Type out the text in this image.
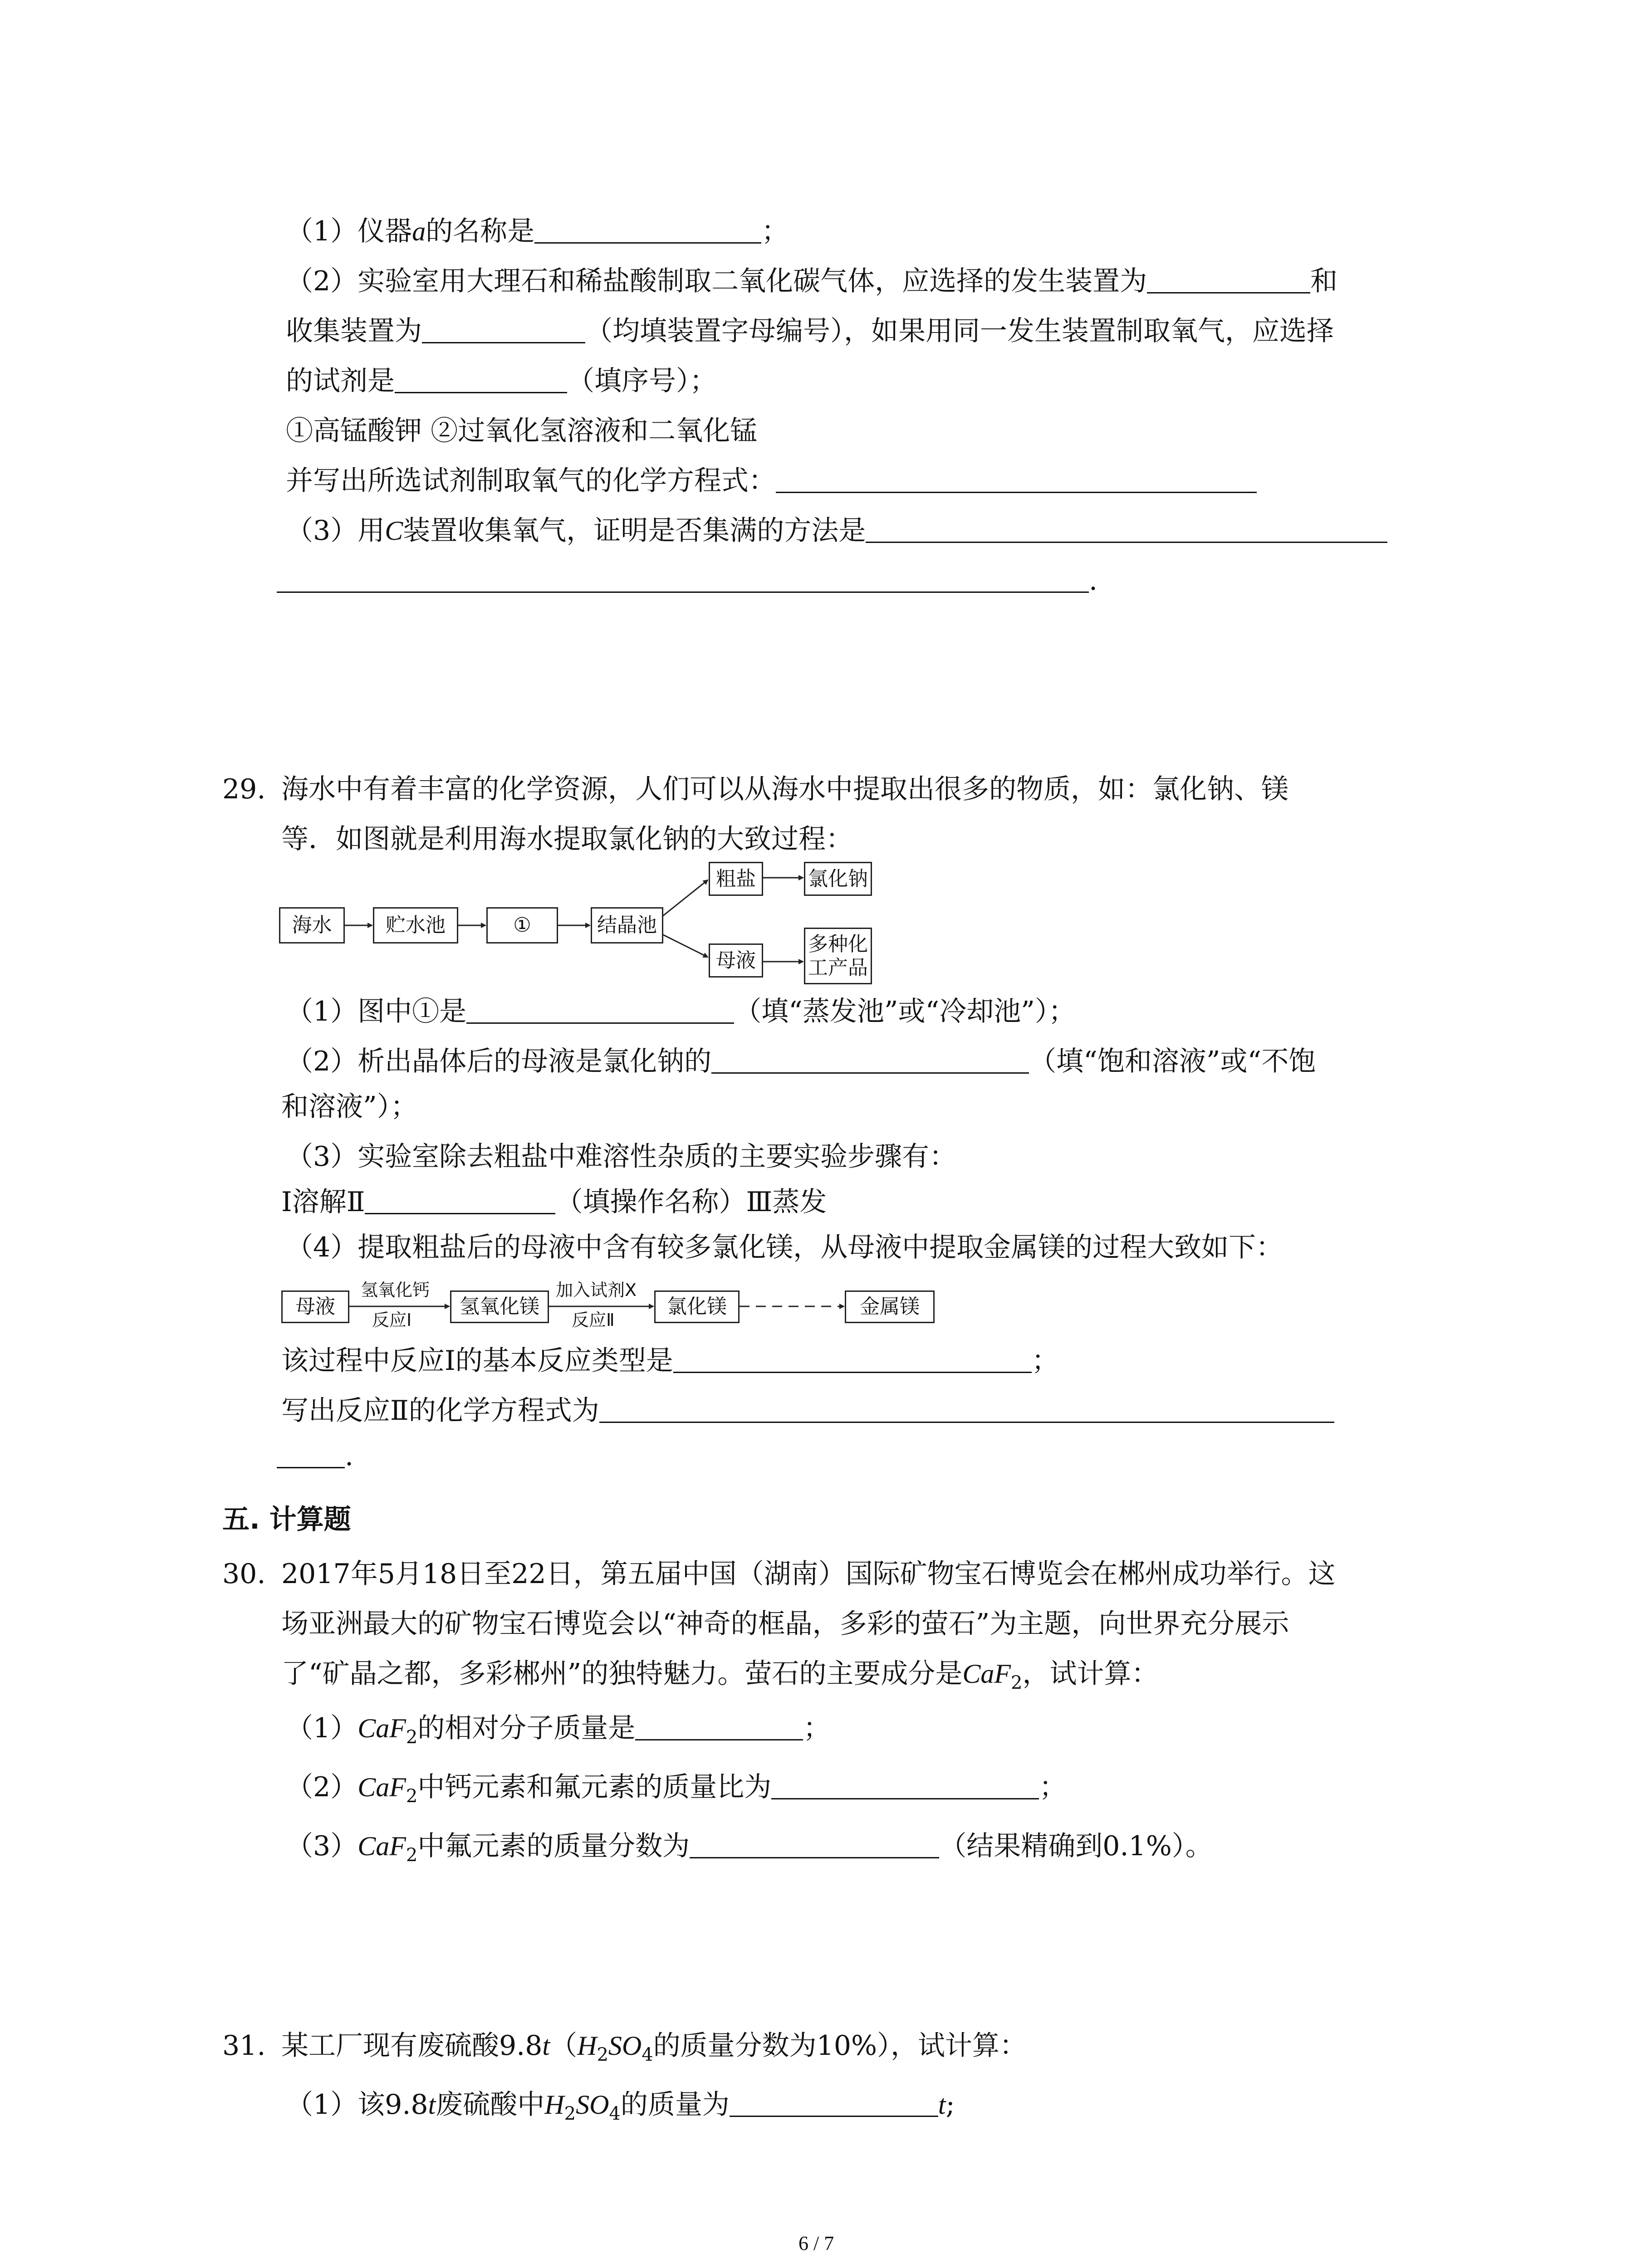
（1）仪器a的名称是	；
（2）实验室用大理石和稀盐酸制取二氧化碳气体，应选择的发生装置为	和
收集装置为	（均填装置字母编号），如果用同一发生装置制取氧气，应选择
的试剂是	（填序号）；
①高锰酸钾 ②过氧化氢溶液和二氧化锰
并写出所选试剂制取氧气的化学方程式：
（3）用C装置收集氧气，证明是否集满的方法是
.
29. 海水中有着丰富的化学资源，人们可以从海水中提取出很多的物质，如：氯化钠、镁
等．如图就是利用海水提取氯化钠的大致过程：
海水	贮水池	①	结晶池
粗盐	氯化钠
母液
多种化
工产品
（1）图中①是	（填“蒸发池”或“冷却池”）；
（2）析出晶体后的母液是氯化钠的	（填“饱和溶液”或“不饱
和溶液”）；
（3）实验室除去粗盐中难溶性杂质的主要实验步骤有：
Ⅰ溶解Ⅱ	（填操作名称）Ⅲ蒸发
（4）提取粗盐后的母液中含有较多氯化镁，从母液中提取金属镁的过程大致如下：
母液
氢氧化钙
反应Ⅰ
氢氧化镁
加入试剂X
反应Ⅱ
氯化镁	金属镁
该过程中反应Ⅰ的基本反应类型是	；
写出反应Ⅱ的化学方程式为
.
五. 计算题
30. 2017年5月18日至22日，第五届中国（湖南）国际矿物宝石博览会在郴州成功举行。这
场亚洲最大的矿物宝石博览会以“神奇的框晶，多彩的萤石”为主题，向世界充分展示
了“矿晶之都，多彩郴州”的独特魅力。萤石的主要成分是CaF$_2$，试计算：
（1）CaF$_2$的相对分子质量是	；
（2）CaF$_2$中钙元素和氟元素的质量比为	；
（3）CaF$_2$中氟元素的质量分数为	（结果精确到0.1%）。
31. 某工厂现有废硫酸$9.8t(H_2SO_4$的质量分数为10%），试计算：
（1）该9.8t废硫酸中$H_2SO_4$的质量为	t;
6 / 7
